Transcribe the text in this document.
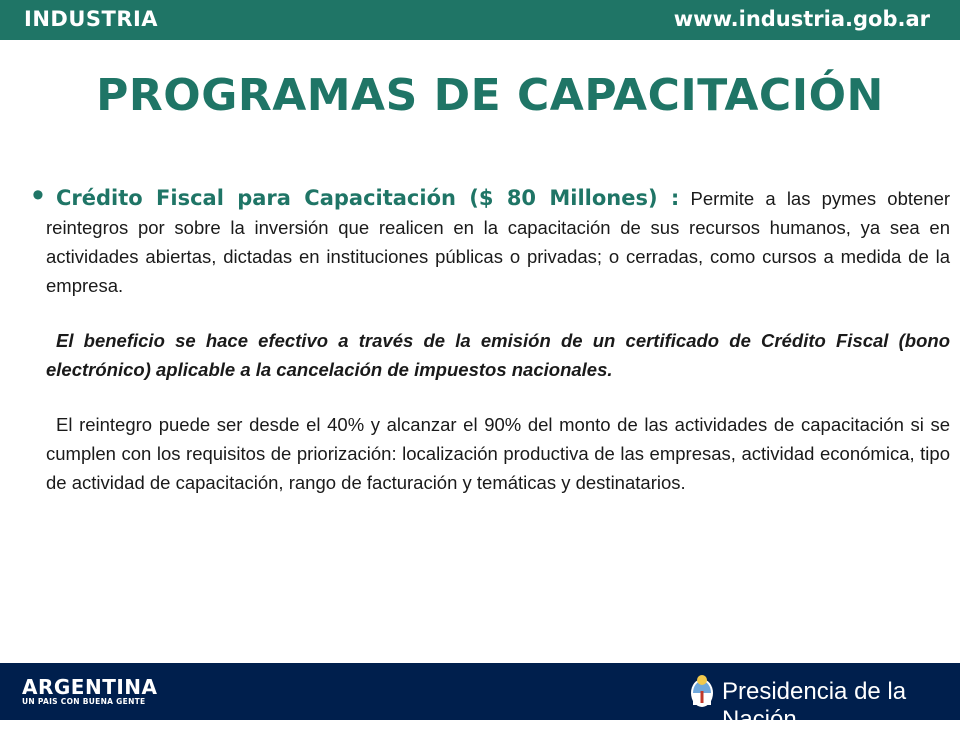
INDUSTRIA	www.industria.gob.ar
PROGRAMAS DE CAPACITACIÓN
• Crédito Fiscal para Capacitación ($ 80 Millones) : Permite a las pymes obtener reintegros por sobre la inversión que realicen en la capacitación de sus recursos humanos, ya sea en actividades abiertas, dictadas en instituciones públicas o privadas; o cerradas, como cursos a medida de la empresa.

El beneficio se hace efectivo a través de la emisión de un certificado de Crédito Fiscal (bono electrónico) aplicable a la cancelación de impuestos nacionales.

El reintegro puede ser desde el 40% y alcanzar el 90% del monto de las actividades de capacitación si se cumplen con los requisitos de priorización: localización productiva de las empresas, actividad económica, tipo de actividad de capacitación, rango de facturación y temáticas y destinatarios.

ARGENTINA
UN PAIS CON BUENA GENTE	Presidencia de la Nación
